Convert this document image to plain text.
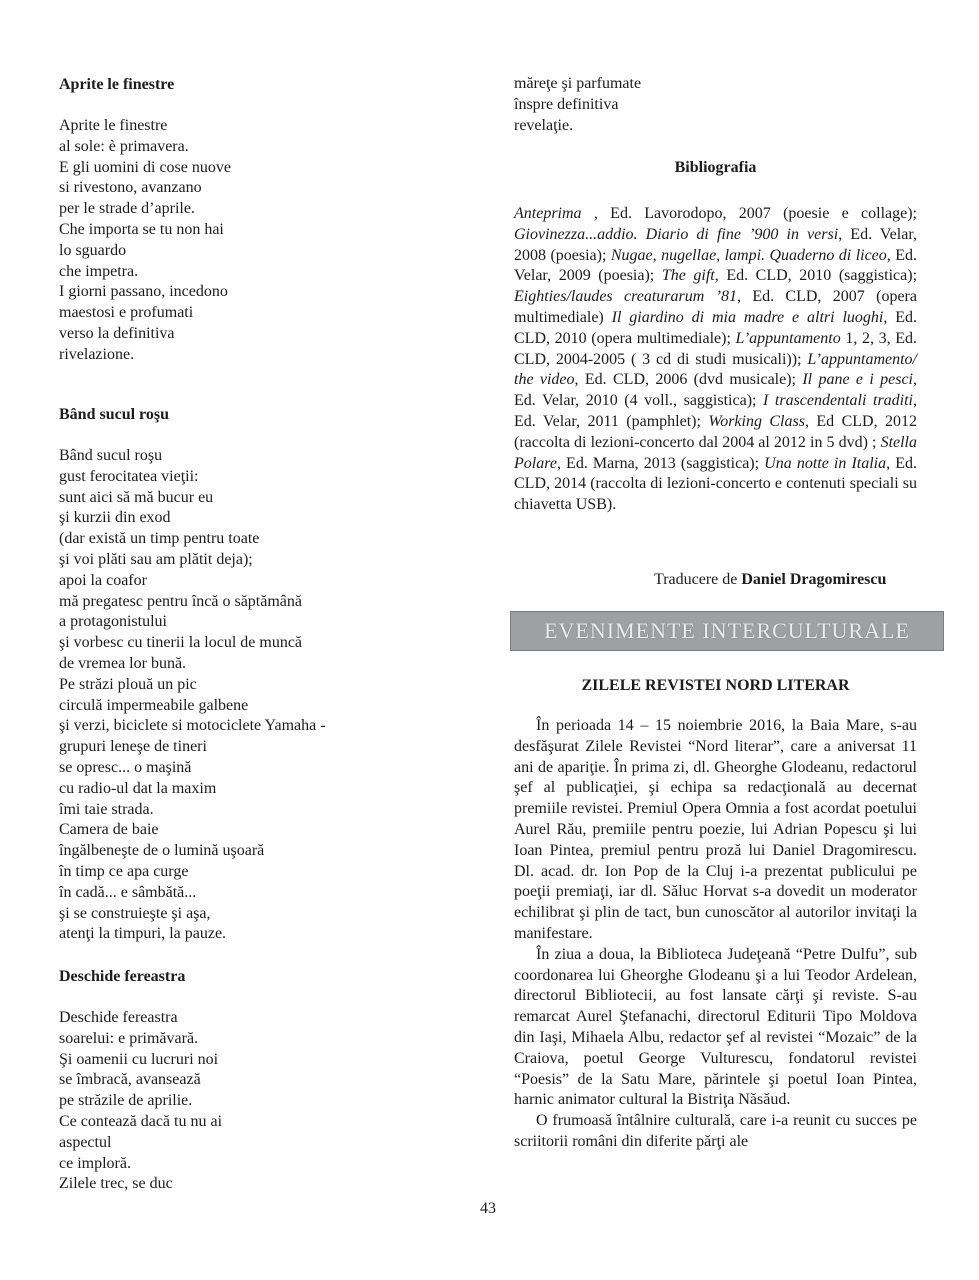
Aprite le finestre
Aprite le finestre
al sole: è primavera.
E gli uomini di cose nuove
si rivestono, avanzano
per le strade d’aprile.
Che importa se tu non hai
lo sguardo
che impetra.
I giorni passano, incedono
maestosi e profumati
verso la definitiva
rivelazione.
Bând sucul roşu
Bând sucul roşu
gust ferocitatea vieţii:
sunt aici să mă bucur eu
şi kurzii din exod
(dar există un timp pentru toate
şi voi plăti sau am plătit deja);
apoi la coafor
mă pregatesc pentru încă o săptămână
a protagonistului
şi vorbesc cu tinerii la locul de muncă
de vremea lor bună.
Pe străzi plouă un pic
circulă impermeabile galbene
şi verzi, biciclete si motociclete Yamaha -
grupuri leneşe de tineri
se opresc... o maşină
cu radio-ul dat la maxim
îmi taie strada.
Camera de baie
îngălbeneşte de o lumină uşoară
în timp ce apa curge
în cadă... e sâmbătă...
şi se construieşte şi aşa,
atenţi la timpuri, la pauze.
Deschide fereastra
Deschide fereastra
soarelui: e primăvară.
Şi oamenii cu lucruri noi
se îmbracă, avansează
pe străzile de aprilie.
Ce contează dacă tu nu ai
aspectul
ce imploră.
Zilele trec, se duc
măreţe şi parfumate
înspre definitiva
revelaţie.
Bibliografia
Anteprima , Ed. Lavorodopo, 2007 (poesie e collage); Giovinezza...addio. Diario di fine ’900 in versi, Ed. Velar, 2008 (poesia); Nugae, nugellae, lampi. Quaderno di liceo, Ed. Velar, 2009 (poesia); The gift, Ed. CLD, 2010 (saggistica); Eighties/laudes creaturarum ’81, Ed. CLD, 2007 (opera multimediale) Il giardino di mia madre e altri luoghi, Ed. CLD, 2010 (opera multimediale); L’appuntamento 1, 2, 3, Ed. CLD, 2004-2005 ( 3 cd di studi musicali)); L’appuntamento/ the video, Ed. CLD, 2006 (dvd musicale); Il pane e i pesci, Ed. Velar, 2010 (4 voll., saggistica); I trascendentali traditi, Ed. Velar, 2011 (pamphlet); Working Class, Ed CLD, 2012 (raccolta di lezioni-concerto dal 2004 al 2012 in 5 dvd) ; Stella Polare, Ed. Marna, 2013 (saggistica); Una notte in Italia, Ed. CLD, 2014 (raccolta di lezioni-concerto e contenuti speciali su chiavetta USB).
Traducere de Daniel Dragomirescu
EVENIMENTE INTERCULTURALE
ZILELE REVISTEI NORD LITERAR

În perioada 14 – 15 noiembrie 2016, la Baia Mare, s-au desfăşurat Zilele Revistei “Nord literar”, care a aniversat 11 ani de apariţie. În prima zi, dl. Gheorghe Glodeanu, redactorul şef al publicaţiei, şi echipa sa redacţională au decernat premiile revistei. Premiul Opera Omnia a fost acordat poetului Aurel Rău, premiile pentru poezie, lui Adrian Popescu şi lui Ioan Pintea, premiul pentru proză lui Daniel Dragomirescu. Dl. acad. dr. Ion Pop de la Cluj i-a prezentat publicului pe poeţii premiaţi, iar dl. Săluc Horvat s-a dovedit un moderator echilibrat şi plin de tact, bun cunoscător al autorilor invitaţi la manifestare.

În ziua a doua, la Biblioteca Judeţeană “Petre Dulfu”, sub coordonarea lui Gheorghe Glodeanu şi a lui Teodor Ardelean, directorul Bibliotecii, au fost lansate cărţi şi reviste. S-au remarcat Aurel Ştefanachi, directorul Editurii Tipo Moldova din Iaşi, Mihaela Albu, redactor şef al revistei “Mozaic” de la Craiova, poetul George Vulturescu, fondatorul revistei “Poesis” de la Satu Mare, părintele şi poetul Ioan Pintea, harnic animator cultural la Bistriţa Năsăud.

O frumoasă întâlnire culturală, care i-a reunit cu succes pe scriitorii români din diferite părţi ale

43
